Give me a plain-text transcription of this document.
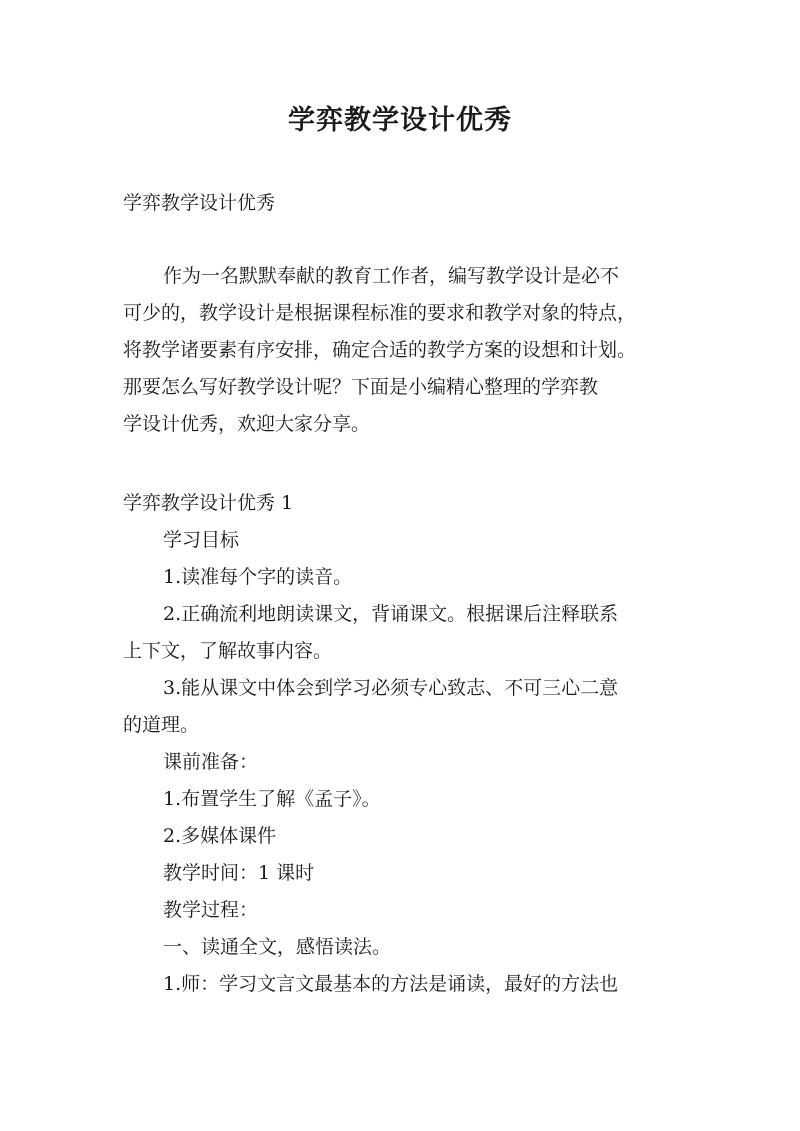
学弈教学设计优秀

学弈教学设计优秀

作为一名默默奉献的教育工作者，编写教学设计是必不
可少的，教学设计是根据课程标准的要求和教学对象的特点，
将教学诸要素有序安排，确定合适的教学方案的设想和计划。
那要怎么写好教学设计呢？下面是小编精心整理的学弈教
学设计优秀，欢迎大家分享。
学弈教学设计优秀 1
学习目标
1.读准每个字的读音。
2.正确流利地朗读课文，背诵课文。根据课后注释联系
上下文，了解故事内容。
3.能从课文中体会到学习必须专心致志、不可三心二意
的道理。
课前准备：
1.布置学生了解《孟子》。
2.多媒体课件
教学时间：1 课时
教学过程：
一、读通全文，感悟读法。
1.师：学习文言文最基本的方法是诵读，最好的方法也
